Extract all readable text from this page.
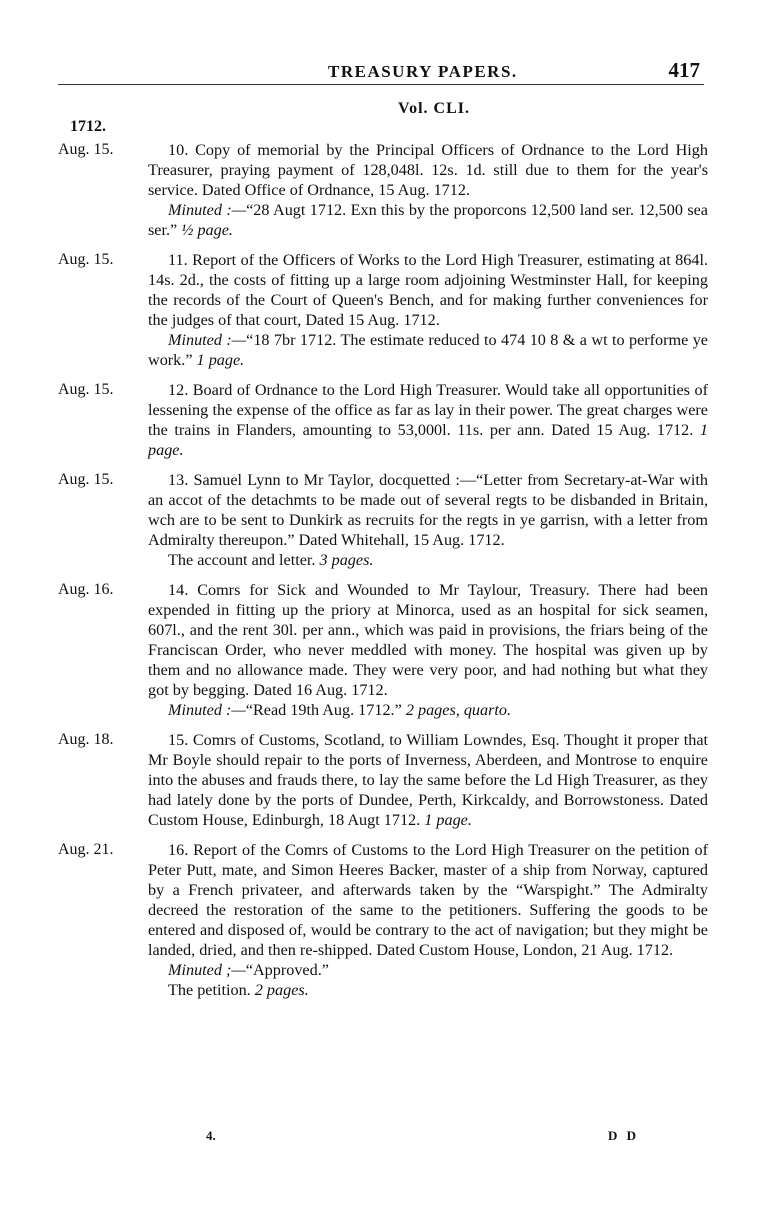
TREASURY PAPERS.	417
Vol. CLI.
1712.
Aug. 15.	10. Copy of memorial by the Principal Officers of Ordnance to the Lord High Treasurer, praying payment of 128,048l. 12s. 1d. still due to them for the year's service. Dated Office of Ordnance, 15 Aug. 1712.

Minuted :—“28 Augt 1712. Exn this by the proporcons 12,500 land ser. 12,500 sea ser.” ½ page.

Aug. 15.	11. Report of the Officers of Works to the Lord High Treasurer, estimating at 864l. 14s. 2d., the costs of fitting up a large room adjoining Westminster Hall, for keeping the records of the Court of Queen's Bench, and for making further conveniences for the judges of that court, Dated 15 Aug. 1712.

Minuted :—“18 7br 1712. The estimate reduced to 474 10 8 & a wt to performe ye work.” 1 page.

Aug. 15.	12. Board of Ordnance to the Lord High Treasurer. Would take all opportunities of lessening the expense of the office as far as lay in their power. The great charges were the trains in Flanders, amounting to 53,000l. 11s. per ann. Dated 15 Aug. 1712. 1 page.

Aug. 15.	13. Samuel Lynn to Mr Taylor, docquetted :—“Letter from Secretary-at-War with an accot of the detachmts to be made out of several regts to be disbanded in Britain, wch are to be sent to Dunkirk as recruits for the regts in ye garrisn, with a letter from Admiralty thereupon.” Dated Whitehall, 15 Aug. 1712.

The account and letter. 3 pages.

Aug. 16.	14. Comrs for Sick and Wounded to Mr Taylour, Treasury. There had been expended in fitting up the priory at Minorca, used as an hospital for sick seamen, 607l., and the rent 30l. per ann., which was paid in provisions, the friars being of the Franciscan Order, who never meddled with money. The hospital was given up by them and no allowance made. They were very poor, and had nothing but what they got by begging. Dated 16 Aug. 1712.

Minuted :—“Read 19th Aug. 1712.” 2 pages, quarto.

Aug. 18.	15. Comrs of Customs, Scotland, to William Lowndes, Esq. Thought it proper that Mr Boyle should repair to the ports of Inverness, Aberdeen, and Montrose to enquire into the abuses and frauds there, to lay the same before the Ld High Treasurer, as they had lately done by the ports of Dundee, Perth, Kirkcaldy, and Borrowstoness. Dated Custom House, Edinburgh, 18 Augt 1712. 1 page.

Aug. 21.	16. Report of the Comrs of Customs to the Lord High Treasurer on the petition of Peter Putt, mate, and Simon Heeres Backer, master of a ship from Norway, captured by a French privateer, and afterwards taken by the “Warspight.” The Admiralty decreed the restoration of the same to the petitioners. Suffering the goods to be entered and disposed of, would be contrary to the act of navigation; but they might be landed, dried, and then re-shipped. Dated Custom House, London, 21 Aug. 1712.

Minuted ;—“Approved.”

The petition. 2 pages.

4.	D D
